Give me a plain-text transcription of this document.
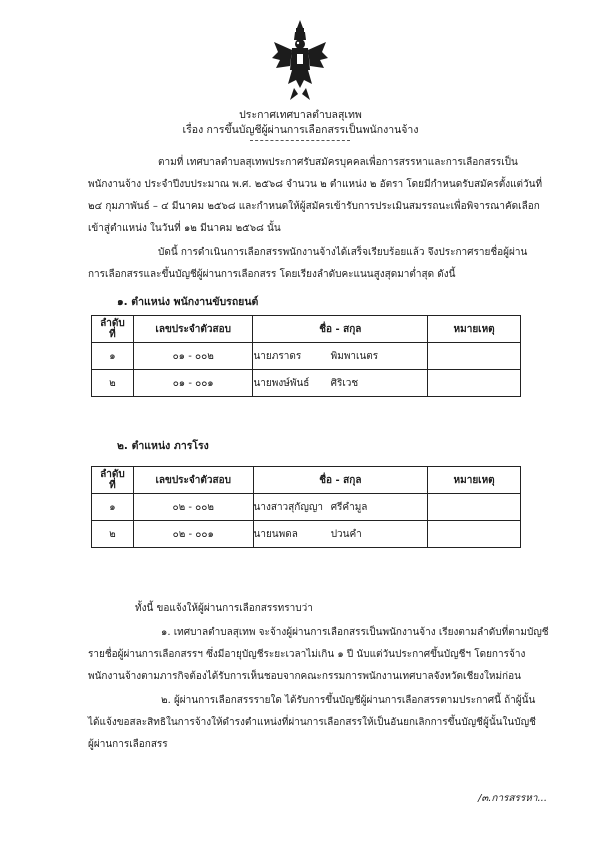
ประกาศเทศบาลตำบลสุเทพ
เรื่อง การขึ้นบัญชีผู้ผ่านการเลือกสรรเป็นพนักงานจ้าง
ตามที่ เทศบาลตำบลสุเทพประกาศรับสมัครบุคคลเพื่อการสรรหาและการเลือกสรรเป็น
พนักงานจ้าง ประจำปีงบประมาณ พ.ศ. ๒๕๖๘ จำนวน ๒ ตำแหน่ง ๒ อัตรา โดยมีกำหนดรับสมัครตั้งแต่วันที่
๒๔ กุมภาพันธ์ – ๔ มีนาคม ๒๕๖๘ และกำหนดให้ผู้สมัครเข้ารับการประเมินสมรรถนะเพื่อพิจารณาคัดเลือก
เข้าสู่ตำแหน่ง ในวันที่ ๑๒ มีนาคม ๒๕๖๘ นั้น
บัดนี้ การดำเนินการเลือกสรรพนักงานจ้างได้เสร็จเรียบร้อยแล้ว จึงประกาศรายชื่อผู้ผ่าน
การเลือกสรรและขึ้นบัญชีผู้ผ่านการเลือกสรร โดยเรียงลำดับคะแนนสูงสุดมาต่ำสุด ดังนี้
๑. ตำแหน่ง พนักงานขับรถยนต์
ลำดับ
ที่	เลขประจำตัวสอบ	ชื่อ - สกุล	หมายเหตุ
๑	๐๑ - ๐๐๒	นายภราดร พิมพาเนตร	
๒	๐๑ - ๐๐๑	นายพงษ์พันธ์ ศิริเวช	
๒. ตำแหน่ง ภารโรง
ลำดับ
ที่	เลขประจำตัวสอบ	ชื่อ - สกุล	หมายเหตุ
๑	๐๒ - ๐๐๒	นางสาวสุกัญญา ศรีคำมูล	
๒	๐๒ - ๐๐๑	นายนพดล ปวนคำ	
ทั้งนี้ ขอแจ้งให้ผู้ผ่านการเลือกสรรทราบว่า
๑. เทศบาลตำบลสุเทพ จะจ้างผู้ผ่านการเลือกสรรเป็นพนักงานจ้าง เรียงตามลำดับที่ตามบัญชี
รายชื่อผู้ผ่านการเลือกสรรฯ ซึ่งมีอายุบัญชีระยะเวลาไม่เกิน ๑ ปี นับแต่วันประกาศขึ้นบัญชีฯ โดยการจ้าง
พนักงานจ้างตามภารกิจต้องได้รับการเห็นชอบจากคณะกรรมการพนักงานเทศบาลจังหวัดเชียงใหม่ก่อน
๒. ผู้ผ่านการเลือกสรรรายใด ได้รับการขึ้นบัญชีผู้ผ่านการเลือกสรรตามประกาศนี้ ถ้าผู้นั้น
ได้แจ้งขอสละสิทธิในการจ้างให้ดำรงตำแหน่งที่ผ่านการเลือกสรรให้เป็นอันยกเลิกการขึ้นบัญชีผู้นั้นในบัญชี
ผู้ผ่านการเลือกสรร
/๓.การสรรหา...
